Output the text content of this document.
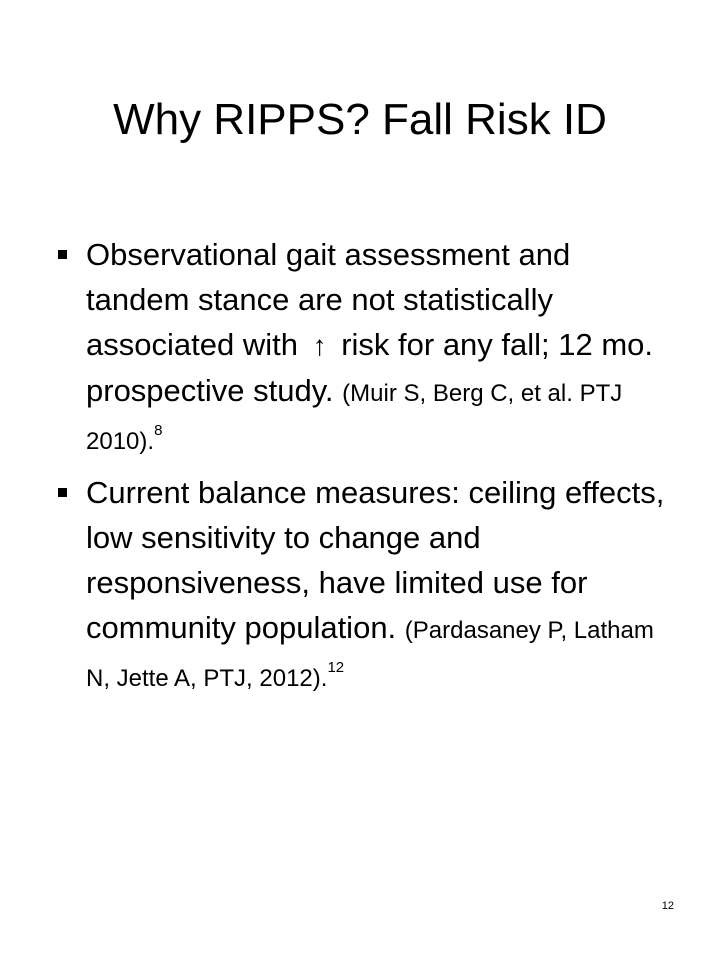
Why RIPPS? Fall Risk ID
Observational gait assessment and tandem stance are not statistically associated with ↑ risk for any fall; 12 mo. prospective study. (Muir S, Berg C, et al. PTJ 2010).$^8$
Current balance measures: ceiling effects, low sensitivity to change and responsiveness, have limited use for community population. (Pardasaney P, Latham N, Jette A, PTJ, 2012).$^{12}$
12
